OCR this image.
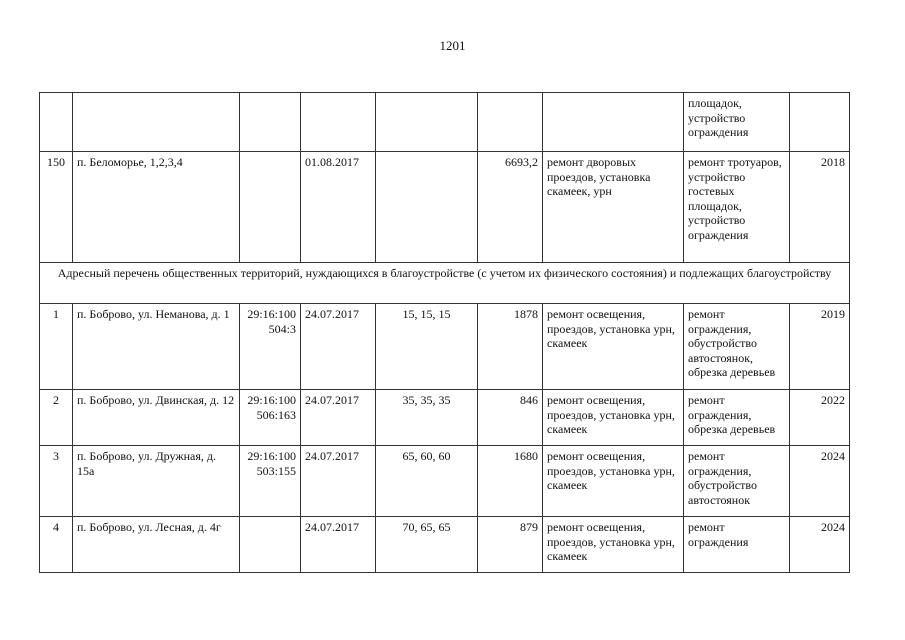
1201
							площадок, устройство ограждения	
150	п. Беломорье, 1,2,3,4		01.08.2017		6693,2	ремонт дворовых проездов, установка скамеек, урн	ремонт тротуаров, устройство гостевых площадок, устройство ограждения	2018
Адресный перечень общественных территорий, нуждающихся в благоустройстве (с учетом их физического состояния) и подлежащих благоустройству								
1	п. Боброво, ул. Неманова, д. 1	29:16:100 504:3	24.07.2017	15, 15, 15	1878	ремонт освещения, проездов, установка урн, скамеек	ремонт ограждения, обустройство автостоянок, обрезка деревьев	2019
2	п. Боброво, ул. Двинская, д. 12	29:16:100 506:163	24.07.2017	35, 35, 35	846	ремонт освещения, проездов, установка урн, скамеек	ремонт ограждения, обрезка деревьев	2022
3	п. Боброво, ул. Дружная, д. 15а	29:16:100 503:155	24.07.2017	65, 60, 60	1680	ремонт освещения, проездов, установка урн, скамеек	ремонт ограждения, обустройство автостоянок	2024
4	п. Боброво, ул. Лесная, д. 4г		24.07.2017	70, 65, 65	879	ремонт освещения, проездов, установка урн, скамеек	ремонт ограждения	2024
